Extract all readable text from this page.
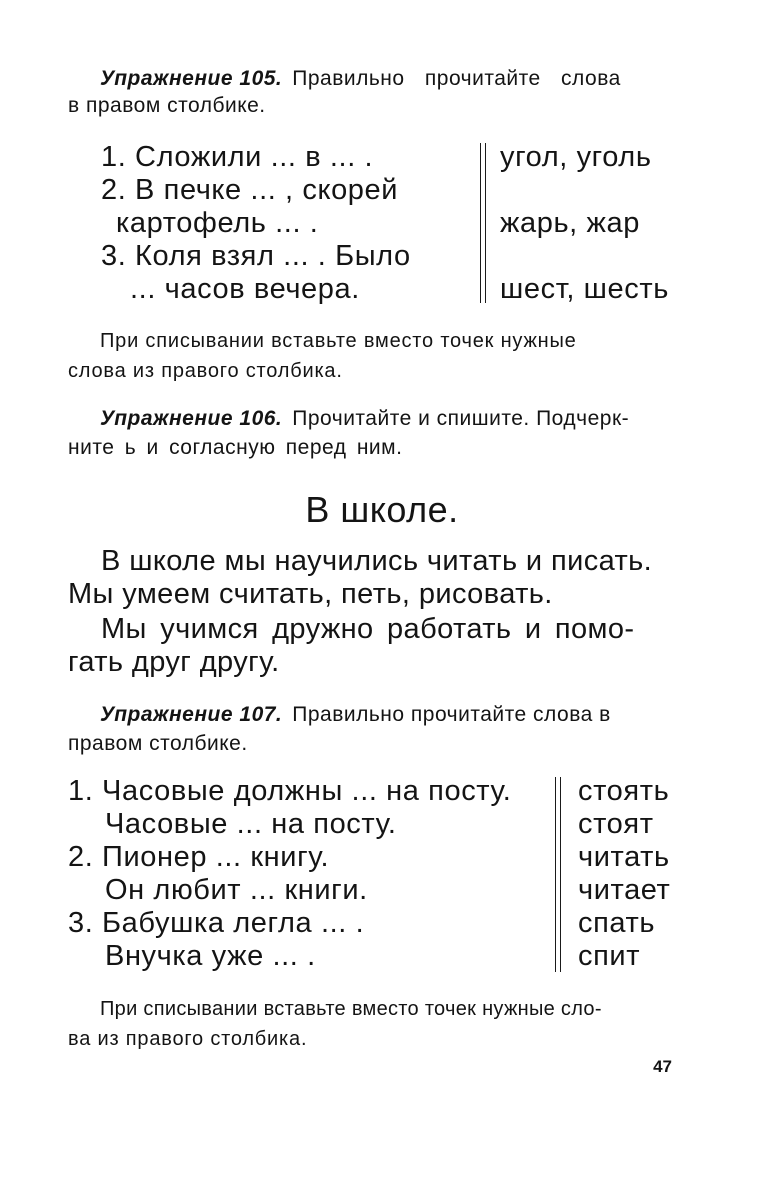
Упражнение 105. Правильно прочитайте слова
в правом столбике.
1. Сложили ... в ... .
2. В печке ... , скорей
картофель ... .
3. Коля взял ... . Было
... часов вечера.
угол, уголь
жарь, жар
шест, шесть
При списывании вставьте вместо точек нужные
слова из правого столбика.
Упражнение 106. Прочитайте и спишите. Подчерк-
ните ь и согласную перед ним.
В школе.
В школе мы научились читать и писать.
Мы умеем считать, петь, рисовать.
Мы учимся дружно работать и помо-
гать друг другу.
Упражнение 107. Правильно прочитайте слова в
правом столбике.
1. Часовые должны ... на посту.
Часовые ... на посту.
2. Пионер ... книгу.
Он любит ... книги.
3. Бабушка легла ... .
Внучка уже ... .
стоять
стоят
читать
читает
спать
спит
При списывании вставьте вместо точек нужные сло-
ва из правого столбика.
47
